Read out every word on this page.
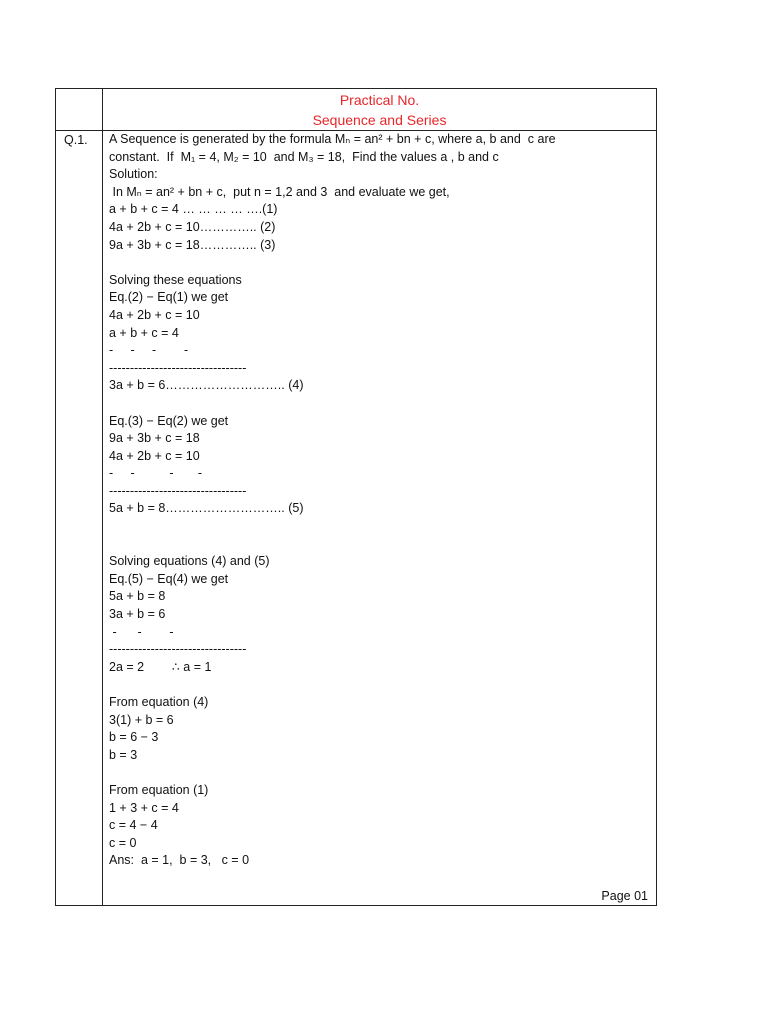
Practical No.
Sequence and Series
Q.1. A Sequence is generated by the formula Mₙ = an² + bn + c, where a, b and  c are
constant.  If  M₁ = 4, M₂ = 10  and M₃ = 18,  Find the values a , b and c
Solution:
In Mₙ = an² + bn + c,  put n = 1,2 and 3  and evaluate we get,
a + b + c = 4 … … … … ….(1)
4a + 2b + c = 10………….. (2)
9a + 3b + c = 18………….. (3)
Solving these equations
Eq.(2) − Eq(1) we get
4a + 2b + c = 10
a + b + c = 4
-     -     -        -
---------------------------------
3a + b = 6……………………….. (4)
Eq.(3) − Eq(2) we get
9a + 3b + c = 18
4a + 2b + c = 10
-     -          -       -
---------------------------------
5a + b = 8……………………….. (5)
Solving equations (4) and (5)
Eq.(5) − Eq(4) we get
5a + b = 8
3a + b = 6
-      -        -
---------------------------------
2a = 2        ∴ a = 1
From equation (4)
3(1) + b = 6
b = 6 − 3
b = 3
From equation (1)
1 + 3 + c = 4
c = 4 − 4
c = 0
Ans:  a = 1,  b = 3,   c = 0
Page 01
